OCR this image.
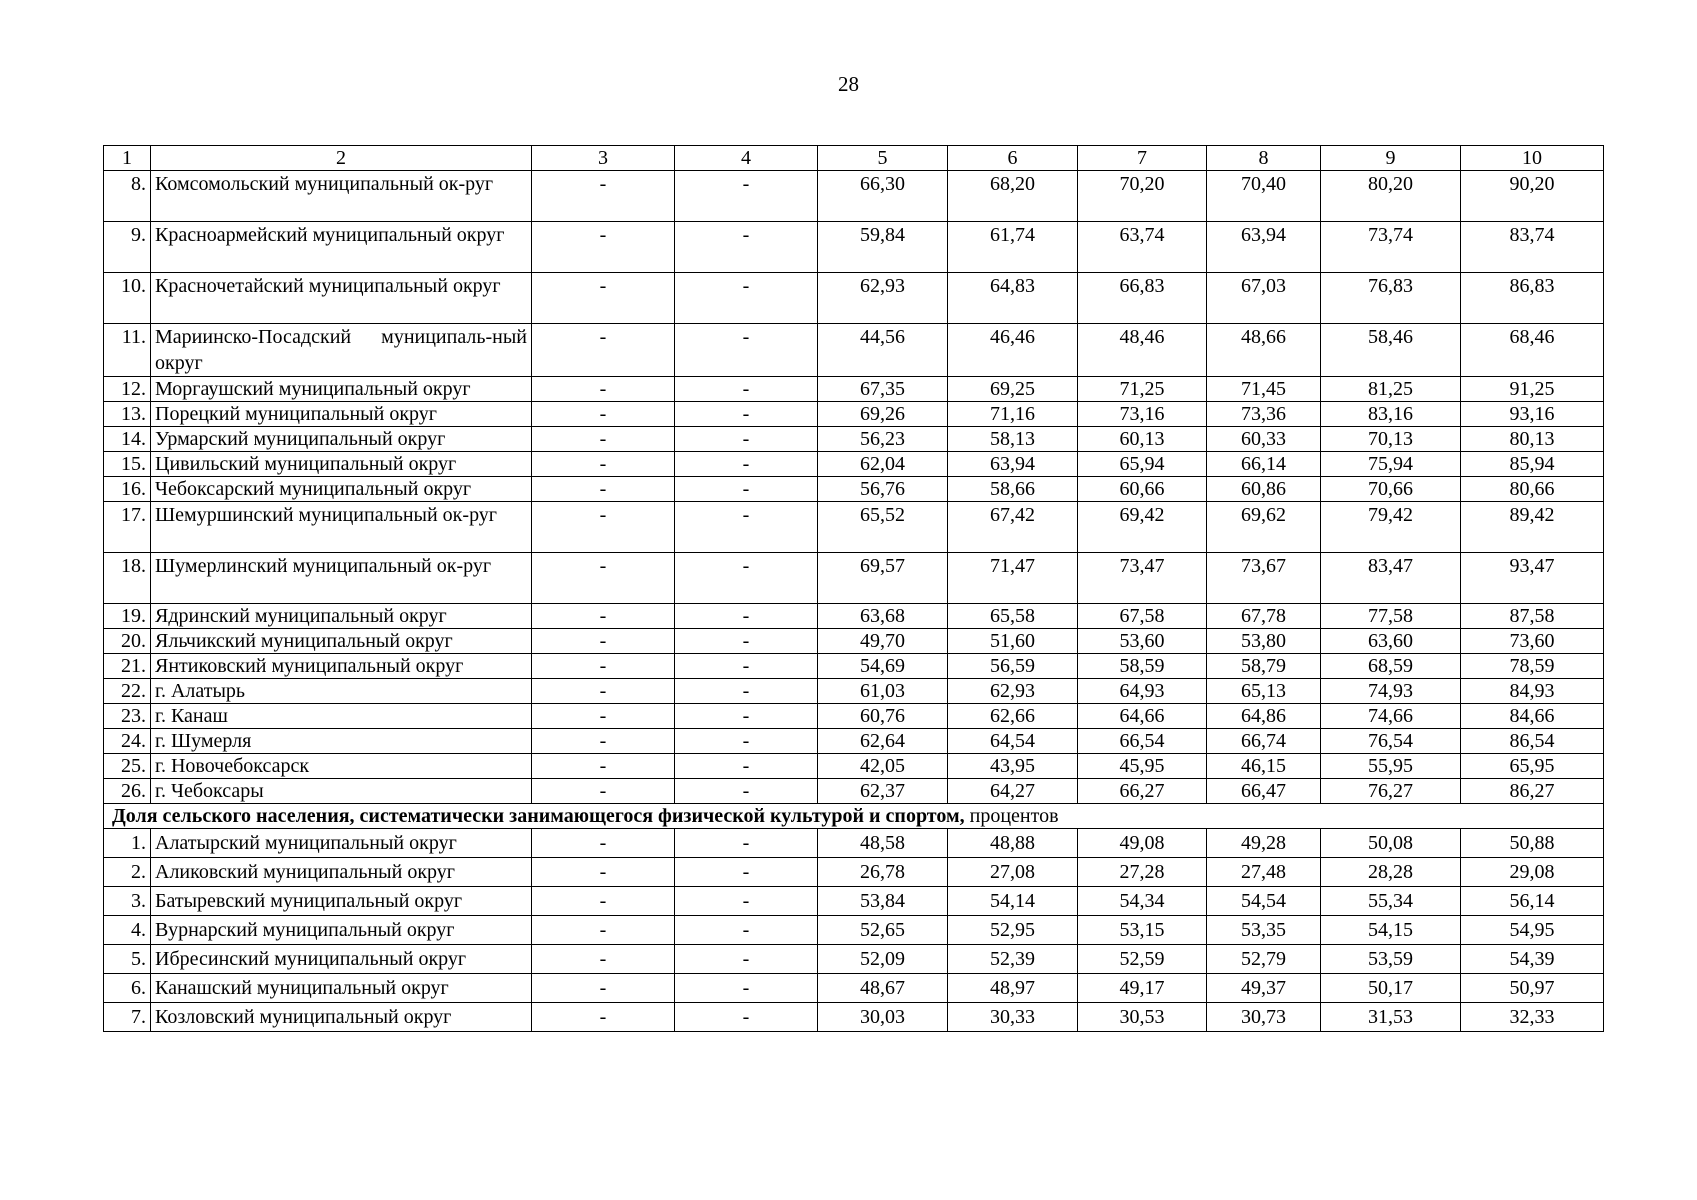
28
1	2	3	4	5	6	7	8	9	10
8.	Комсомольский муниципальный ок-руг	-	-	66,30	68,20	70,20	70,40	80,20	90,20
9.	Красноармейский муниципальный округ	-	-	59,84	61,74	63,74	63,94	73,74	83,74
10.	Красночетайский муниципальный округ	-	-	62,93	64,83	66,83	67,03	76,83	86,83
11.	Мариинско-Посадский муниципаль-ный округ	-	-	44,56	46,46	48,46	48,66	58,46	68,46
12.	Моргаушский муниципальный округ	-	-	67,35	69,25	71,25	71,45	81,25	91,25
13.	Порецкий муниципальный округ	-	-	69,26	71,16	73,16	73,36	83,16	93,16
14.	Урмарский муниципальный округ	-	-	56,23	58,13	60,13	60,33	70,13	80,13
15.	Цивильский муниципальный округ	-	-	62,04	63,94	65,94	66,14	75,94	85,94
16.	Чебоксарский муниципальный округ	-	-	56,76	58,66	60,66	60,86	70,66	80,66
17.	Шемуршинский муниципальный ок-руг	-	-	65,52	67,42	69,42	69,62	79,42	89,42
18.	Шумерлинский муниципальный ок-руг	-	-	69,57	71,47	73,47	73,67	83,47	93,47
19.	Ядринский муниципальный округ	-	-	63,68	65,58	67,58	67,78	77,58	87,58
20.	Яльчикский муниципальный округ	-	-	49,70	51,60	53,60	53,80	63,60	73,60
21.	Янтиковский муниципальный округ	-	-	54,69	56,59	58,59	58,79	68,59	78,59
22.	г. Алатырь	-	-	61,03	62,93	64,93	65,13	74,93	84,93
23.	г. Канаш	-	-	60,76	62,66	64,66	64,86	74,66	84,66
24.	г. Шумерля	-	-	62,64	64,54	66,54	66,74	76,54	86,54
25.	г. Новочебоксарск	-	-	42,05	43,95	45,95	46,15	55,95	65,95
26.	г. Чебоксары	-	-	62,37	64,27	66,27	66,47	76,27	86,27
Доля сельского населения, систематически занимающегося физической культурой и спортом, процентов									
1.	Алатырский муниципальный округ	-	-	48,58	48,88	49,08	49,28	50,08	50,88
2.	Аликовский муниципальный округ	-	-	26,78	27,08	27,28	27,48	28,28	29,08
3.	Батыревский муниципальный округ	-	-	53,84	54,14	54,34	54,54	55,34	56,14
4.	Вурнарский муниципальный округ	-	-	52,65	52,95	53,15	53,35	54,15	54,95
5.	Ибресинский муниципальный округ	-	-	52,09	52,39	52,59	52,79	53,59	54,39
6.	Канашский муниципальный округ	-	-	48,67	48,97	49,17	49,37	50,17	50,97
7.	Козловский муниципальный округ	-	-	30,03	30,33	30,53	30,73	31,53	32,33
